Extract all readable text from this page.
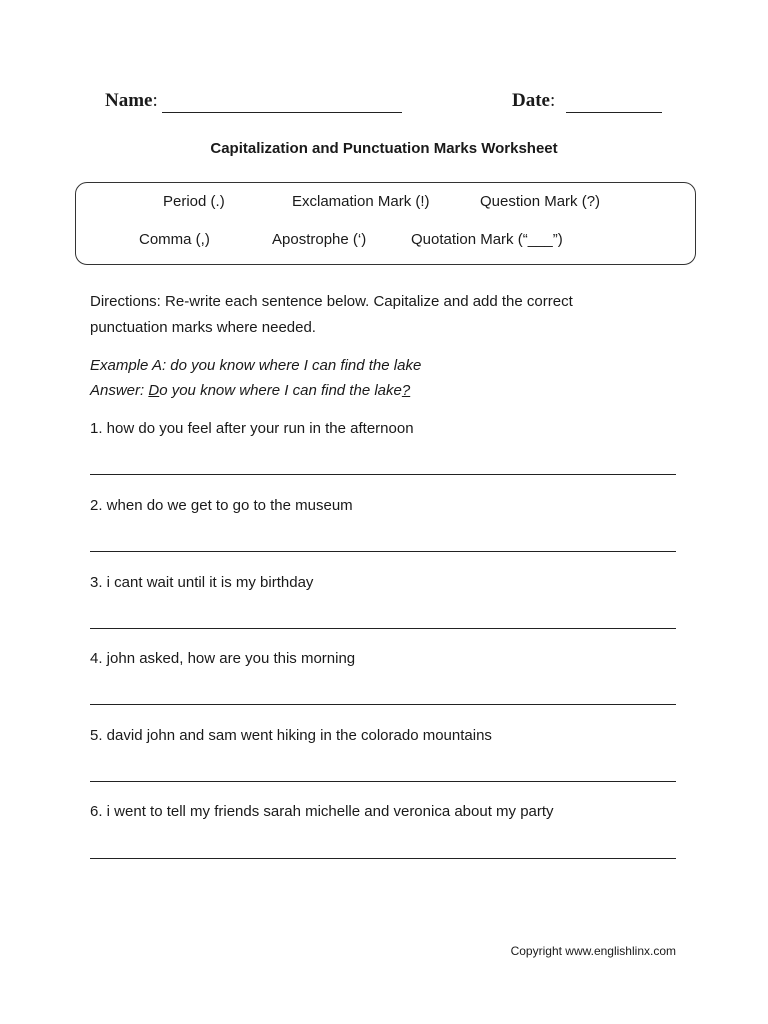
Name:	Date:
Capitalization and Punctuation Marks Worksheet
Period (.)	Exclamation Mark (!)	Question Mark (?)
Comma (,)	Apostrophe (‘)	Quotation Mark (“___”)
Directions: Re-write each sentence below. Capitalize and add the correct
punctuation marks where needed.
Example A: do you know where I can find the lake
Answer: Do you know where I can find the lake?
1. how do you feel after your run in the afternoon
2. when do we get to go to the museum
3. i cant wait until it is my birthday
4. john asked, how are you this morning
5. david john and sam went hiking in the colorado mountains
6. i went to tell my friends sarah michelle and veronica about my party
Copyright www.englishlinx.com
